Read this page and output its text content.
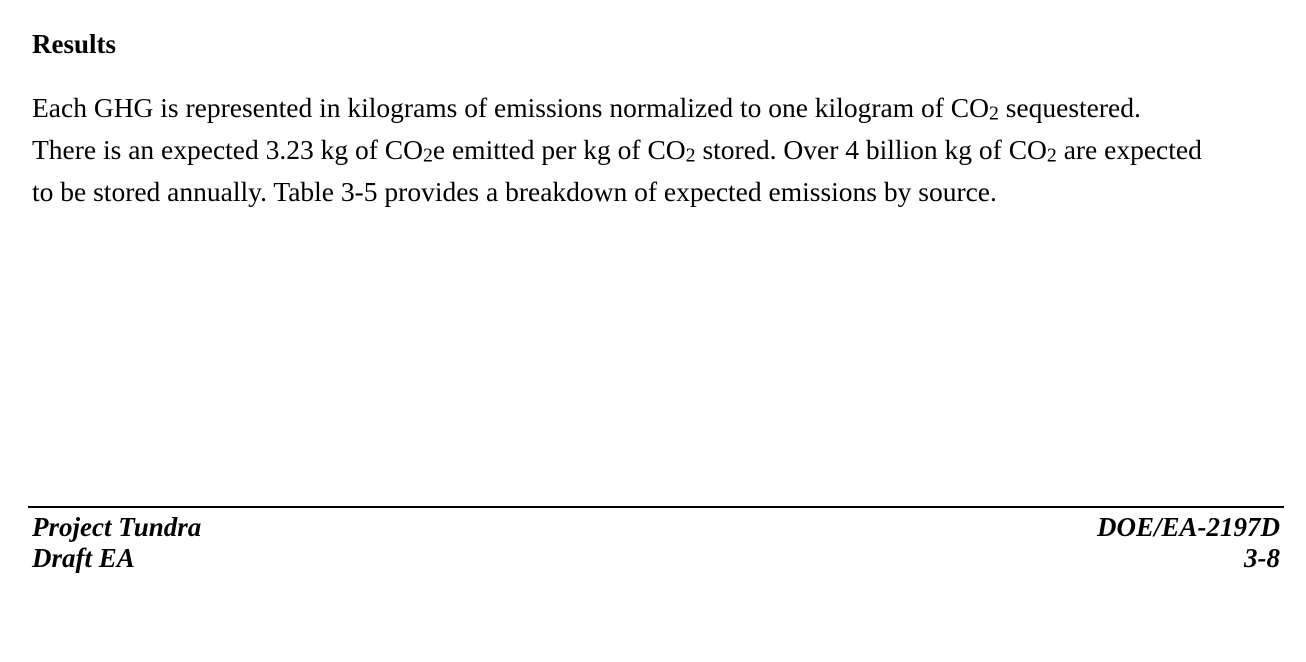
Results

Each GHG is represented in kilograms of emissions normalized to one kilogram of CO2 sequestered.
There is an expected 3.23 kg of CO2e emitted per kg of CO2 stored. Over 4 billion kg of CO2 are expected
to be stored annually. Table 3-5 provides a breakdown of expected emissions by source.

Project Tundra
Draft EA
DOE/EA-2197D
3-8
